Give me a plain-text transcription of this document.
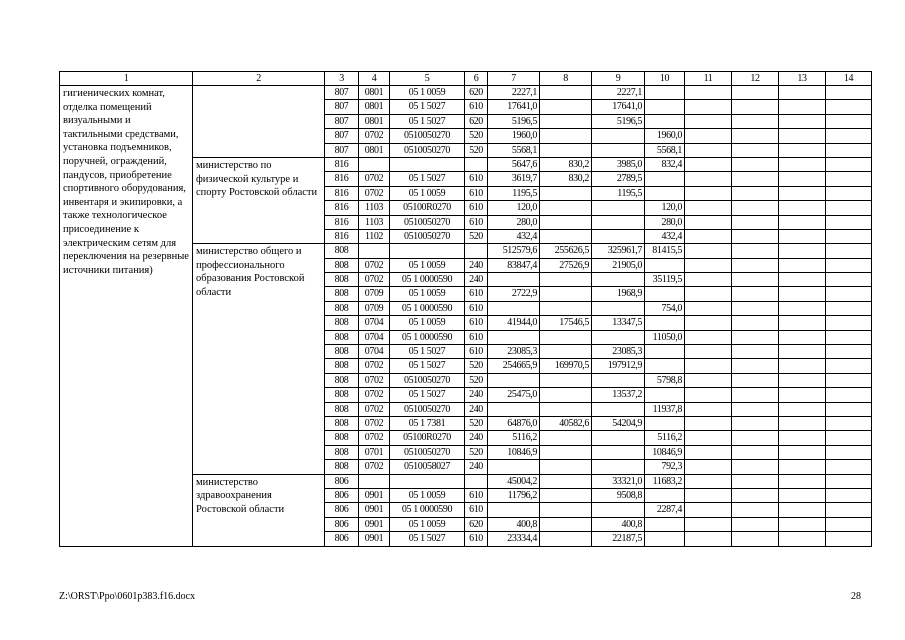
1	2	3	4	5	6	7	8	9	10	11	12	13	14
гигиенических комнат, отделка помещений визуальными и тактильными средствами, установка подъемников, поручней, ограждений, пандусов, приобретение спортивного оборудования, инвентаря и экипировки, а также технологическое присоединение к электрическим сетям для переключения на резервные источники питания)		807	0801	05 1 0059	620	2227,1		2227,1					
		807	0801	05 1 5027	610	17641,0		17641,0					
		807	0801	05 1 5027	620	5196,5		5196,5					
		807	0702	0510050270	520	1960,0			1960,0				
		807	0801	0510050270	520	5568,1			5568,1				
	министерство по физической культуре и спорту Ростовской области	816				5647,6	830,2	3985,0	832,4				
		816	0702	05 1 5027	610	3619,7	830,2	2789,5					
		816	0702	05 1 0059	610	1195,5		1195,5					
		816	1103	05100R0270	610	120,0			120,0				
		816	1103	0510050270	610	280,0			280,0				
		816	1102	0510050270	520	432,4			432,4				
	министерство общего и профессионального образования Ростовской области	808				512579,6	255626,5	325961,7	81415,5				
		808	0702	05 1 0059	240	83847,4	27526,9	21905,0					
		808	0702	05 1 0000590	240				35119,5				
		808	0709	05 1 0059	610	2722,9		1968,9					
		808	0709	05 1 0000590	610				754,0				
		808	0704	05 1 0059	610	41944,0	17546,5	13347,5					
		808	0704	05 1 0000590	610				11050,0				
		808	0704	05 1 5027	610	23085,3		23085,3					
		808	0702	05 1 5027	520	254665,9	169970,5	197912,9					
		808	0702	0510050270	520				5798,8				
		808	0702	05 1 5027	240	25475,0		13537,2					
		808	0702	0510050270	240				11937,8				
		808	0702	05 1 7381	520	64876,0	40582,6	54204,9					
		808	0702	05100R0270	240	5116,2			5116,2				
		808	0701	0510050270	520	10846,9			10846,9				
		808	0702	0510058027	240				792,3				
	министерство здравоохранения Ростовской области	806				45004,2		33321,0	11683,2				
		806	0901	05 1 0059	610	11796,2		9508,8					
		806	0901	05 1 0000590	610				2287,4				
		806	0901	05 1 0059	620	400,8		400,8					
		806	0901	05 1 5027	610	23334,4		22187,5					
Z:\ORST\Ppo\0601p383.f16.docx	28
